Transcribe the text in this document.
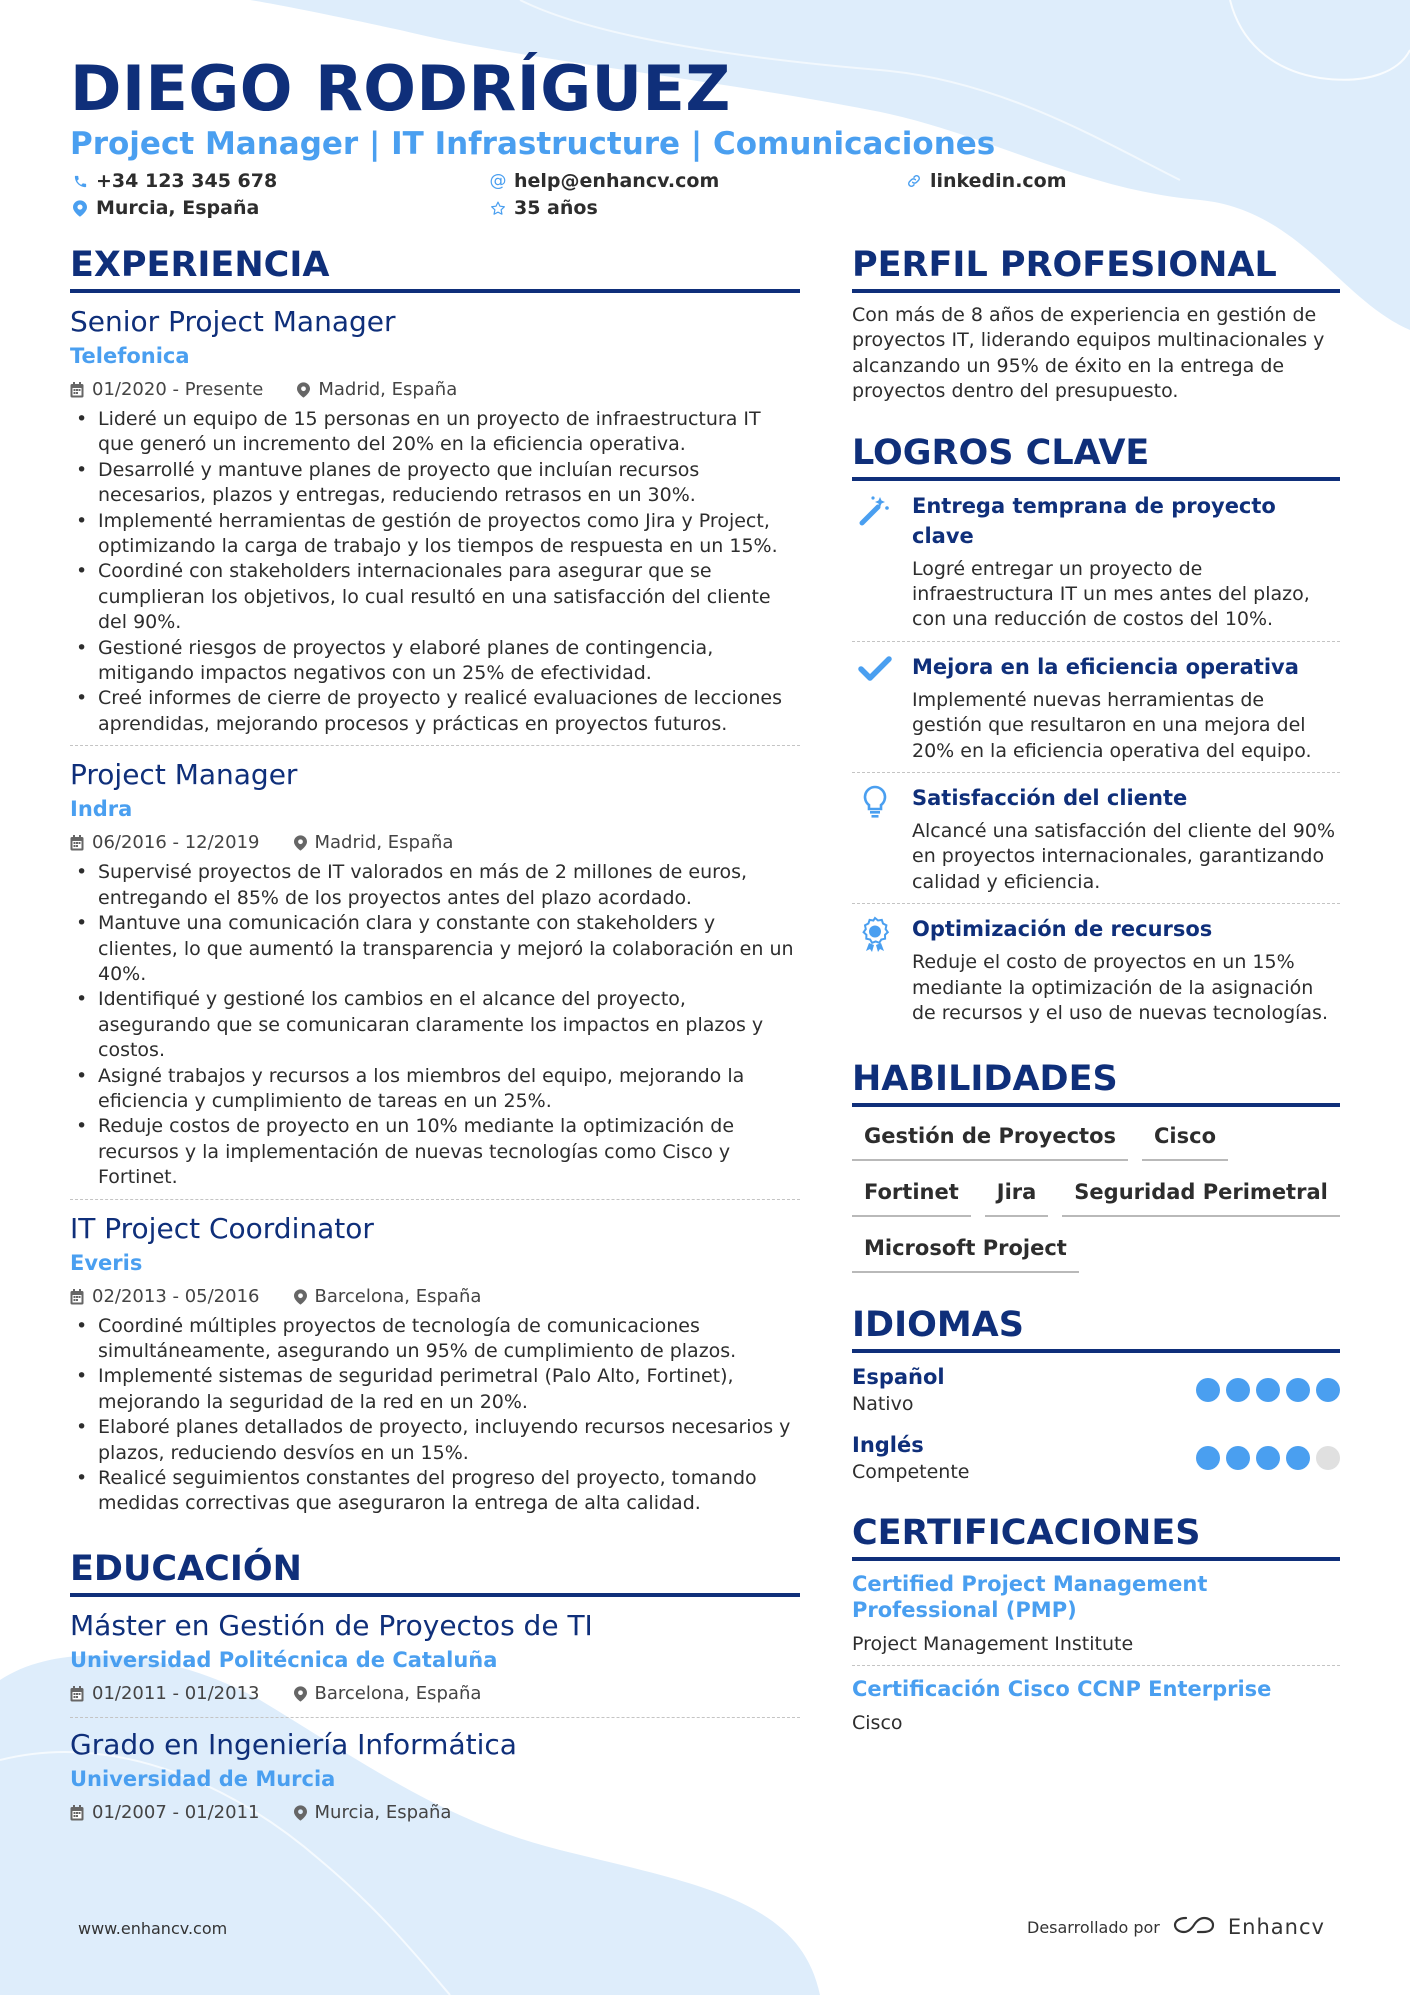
DIEGO RODRÍGUEZ
Project Manager | IT Infrastructure | Comunicaciones
+34 123 345 678	@ help@enhancv.com	linkedin.com
Murcia, España	35 años
EXPERIENCIA
Senior Project Manager
Telefonica
01/2020 - Presente	Madrid, España
• Lideré un equipo de 15 personas en un proyecto de infraestructura IT que generó un incremento del 20% en la eficiencia operativa.
• Desarrollé y mantuve planes de proyecto que incluían recursos necesarios, plazos y entregas, reduciendo retrasos en un 30%.
• Implementé herramientas de gestión de proyectos como Jira y Project, optimizando la carga de trabajo y los tiempos de respuesta en un 15%.
• Coordiné con stakeholders internacionales para asegurar que se cumplieran los objetivos, lo cual resultó en una satisfacción del cliente del 90%.
• Gestioné riesgos de proyectos y elaboré planes de contingencia, mitigando impactos negativos con un 25% de efectividad.
• Creé informes de cierre de proyecto y realicé evaluaciones de lecciones aprendidas, mejorando procesos y prácticas en proyectos futuros.
Project Manager
Indra
06/2016 - 12/2019	Madrid, España
• Supervisé proyectos de IT valorados en más de 2 millones de euros, entregando el 85% de los proyectos antes del plazo acordado.
• Mantuve una comunicación clara y constante con stakeholders y clientes, lo que aumentó la transparencia y mejoró la colaboración en un 40%.
• Identifiqué y gestioné los cambios en el alcance del proyecto, asegurando que se comunicaran claramente los impactos en plazos y costos.
• Asigné trabajos y recursos a los miembros del equipo, mejorando la eficiencia y cumplimiento de tareas en un 25%.
• Reduje costos de proyecto en un 10% mediante la optimización de recursos y la implementación de nuevas tecnologías como Cisco y Fortinet.
IT Project Coordinator
Everis
02/2013 - 05/2016	Barcelona, España
• Coordiné múltiples proyectos de tecnología de comunicaciones simultáneamente, asegurando un 95% de cumplimiento de plazos.
• Implementé sistemas de seguridad perimetral (Palo Alto, Fortinet), mejorando la seguridad de la red en un 20%.
• Elaboré planes detallados de proyecto, incluyendo recursos necesarios y plazos, reduciendo desvíos en un 15%.
• Realicé seguimientos constantes del progreso del proyecto, tomando medidas correctivas que aseguraron la entrega de alta calidad.
EDUCACIÓN
Máster en Gestión de Proyectos de TI
Universidad Politécnica de Cataluña
01/2011 - 01/2013	Barcelona, España
Grado en Ingeniería Informática
Universidad de Murcia
01/2007 - 01/2011	Murcia, España
PERFIL PROFESIONAL
Con más de 8 años de experiencia en gestión de proyectos IT, liderando equipos multinacionales y alcanzando un 95% de éxito en la entrega de proyectos dentro del presupuesto.
LOGROS CLAVE
Entrega temprana de proyecto clave
Logré entregar un proyecto de infraestructura IT un mes antes del plazo, con una reducción de costos del 10%.
Mejora en la eficiencia operativa
Implementé nuevas herramientas de gestión que resultaron en una mejora del 20% en la eficiencia operativa del equipo.
Satisfacción del cliente
Alcancé una satisfacción del cliente del 90% en proyectos internacionales, garantizando calidad y eficiencia.
Optimización de recursos
Reduje el costo de proyectos en un 15% mediante la optimización de la asignación de recursos y el uso de nuevas tecnologías.
HABILIDADES
Gestión de Proyectos	Cisco
Fortinet	Jira	Seguridad Perimetral
Microsoft Project
IDIOMAS
Español
Nativo
Inglés
Competente
CERTIFICACIONES
Certified Project Management Professional (PMP)
Project Management Institute
Certificación Cisco CCNP Enterprise
Cisco
www.enhancv.com	Desarrollado por	Enhancv
